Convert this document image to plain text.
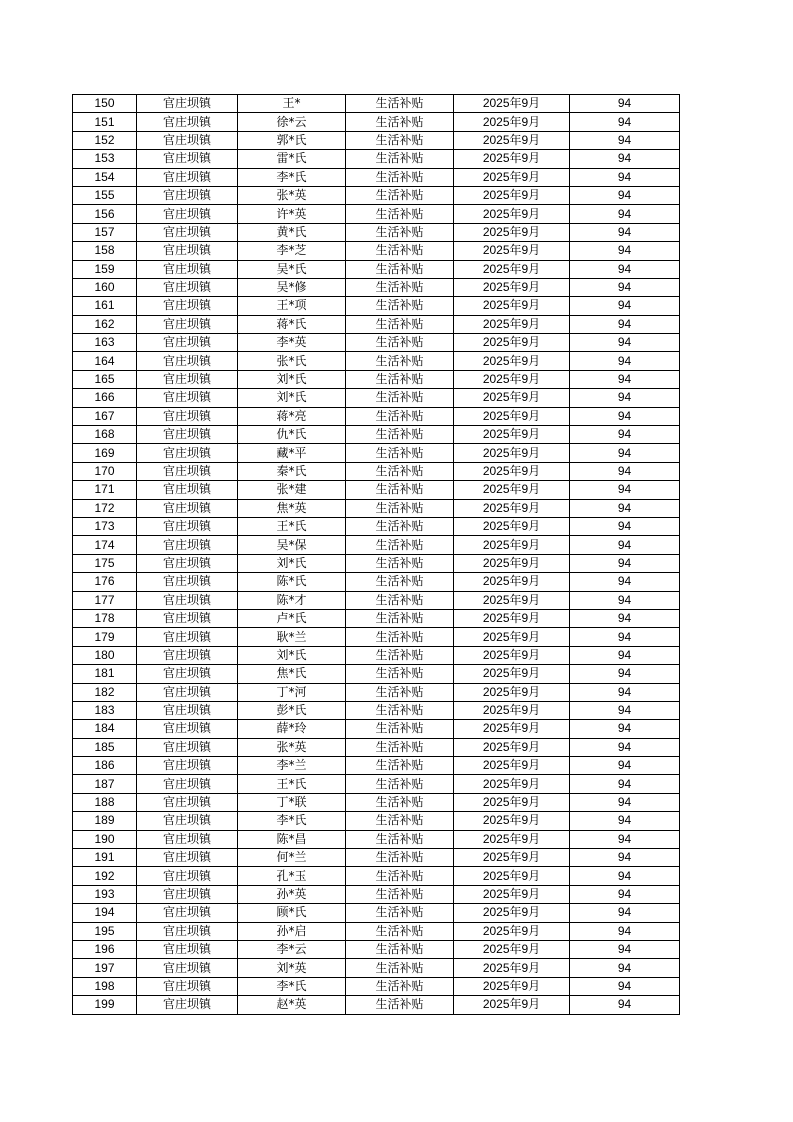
150	官庄坝镇	王*	生活补贴	2025年9月	94
151	官庄坝镇	徐*云	生活补贴	2025年9月	94
152	官庄坝镇	郭*氏	生活补贴	2025年9月	94
153	官庄坝镇	雷*氏	生活补贴	2025年9月	94
154	官庄坝镇	李*氏	生活补贴	2025年9月	94
155	官庄坝镇	张*英	生活补贴	2025年9月	94
156	官庄坝镇	许*英	生活补贴	2025年9月	94
157	官庄坝镇	黄*氏	生活补贴	2025年9月	94
158	官庄坝镇	李*芝	生活补贴	2025年9月	94
159	官庄坝镇	吴*氏	生活补贴	2025年9月	94
160	官庄坝镇	吴*修	生活补贴	2025年9月	94
161	官庄坝镇	王*项	生活补贴	2025年9月	94
162	官庄坝镇	蒋*氏	生活补贴	2025年9月	94
163	官庄坝镇	李*英	生活补贴	2025年9月	94
164	官庄坝镇	张*氏	生活补贴	2025年9月	94
165	官庄坝镇	刘*氏	生活补贴	2025年9月	94
166	官庄坝镇	刘*氏	生活补贴	2025年9月	94
167	官庄坝镇	蒋*亮	生活补贴	2025年9月	94
168	官庄坝镇	仇*氏	生活补贴	2025年9月	94
169	官庄坝镇	藏*平	生活补贴	2025年9月	94
170	官庄坝镇	秦*氏	生活补贴	2025年9月	94
171	官庄坝镇	张*建	生活补贴	2025年9月	94
172	官庄坝镇	焦*英	生活补贴	2025年9月	94
173	官庄坝镇	王*氏	生活补贴	2025年9月	94
174	官庄坝镇	吴*保	生活补贴	2025年9月	94
175	官庄坝镇	刘*氏	生活补贴	2025年9月	94
176	官庄坝镇	陈*氏	生活补贴	2025年9月	94
177	官庄坝镇	陈*才	生活补贴	2025年9月	94
178	官庄坝镇	卢*氏	生活补贴	2025年9月	94
179	官庄坝镇	耿*兰	生活补贴	2025年9月	94
180	官庄坝镇	刘*氏	生活补贴	2025年9月	94
181	官庄坝镇	焦*氏	生活补贴	2025年9月	94
182	官庄坝镇	丁*河	生活补贴	2025年9月	94
183	官庄坝镇	彭*氏	生活补贴	2025年9月	94
184	官庄坝镇	薛*玲	生活补贴	2025年9月	94
185	官庄坝镇	张*英	生活补贴	2025年9月	94
186	官庄坝镇	李*兰	生活补贴	2025年9月	94
187	官庄坝镇	王*氏	生活补贴	2025年9月	94
188	官庄坝镇	丁*联	生活补贴	2025年9月	94
189	官庄坝镇	李*氏	生活补贴	2025年9月	94
190	官庄坝镇	陈*昌	生活补贴	2025年9月	94
191	官庄坝镇	何*兰	生活补贴	2025年9月	94
192	官庄坝镇	孔*玉	生活补贴	2025年9月	94
193	官庄坝镇	孙*英	生活补贴	2025年9月	94
194	官庄坝镇	顾*氏	生活补贴	2025年9月	94
195	官庄坝镇	孙*启	生活补贴	2025年9月	94
196	官庄坝镇	李*云	生活补贴	2025年9月	94
197	官庄坝镇	刘*英	生活补贴	2025年9月	94
198	官庄坝镇	李*氏	生活补贴	2025年9月	94
199	官庄坝镇	赵*英	生活补贴	2025年9月	94
